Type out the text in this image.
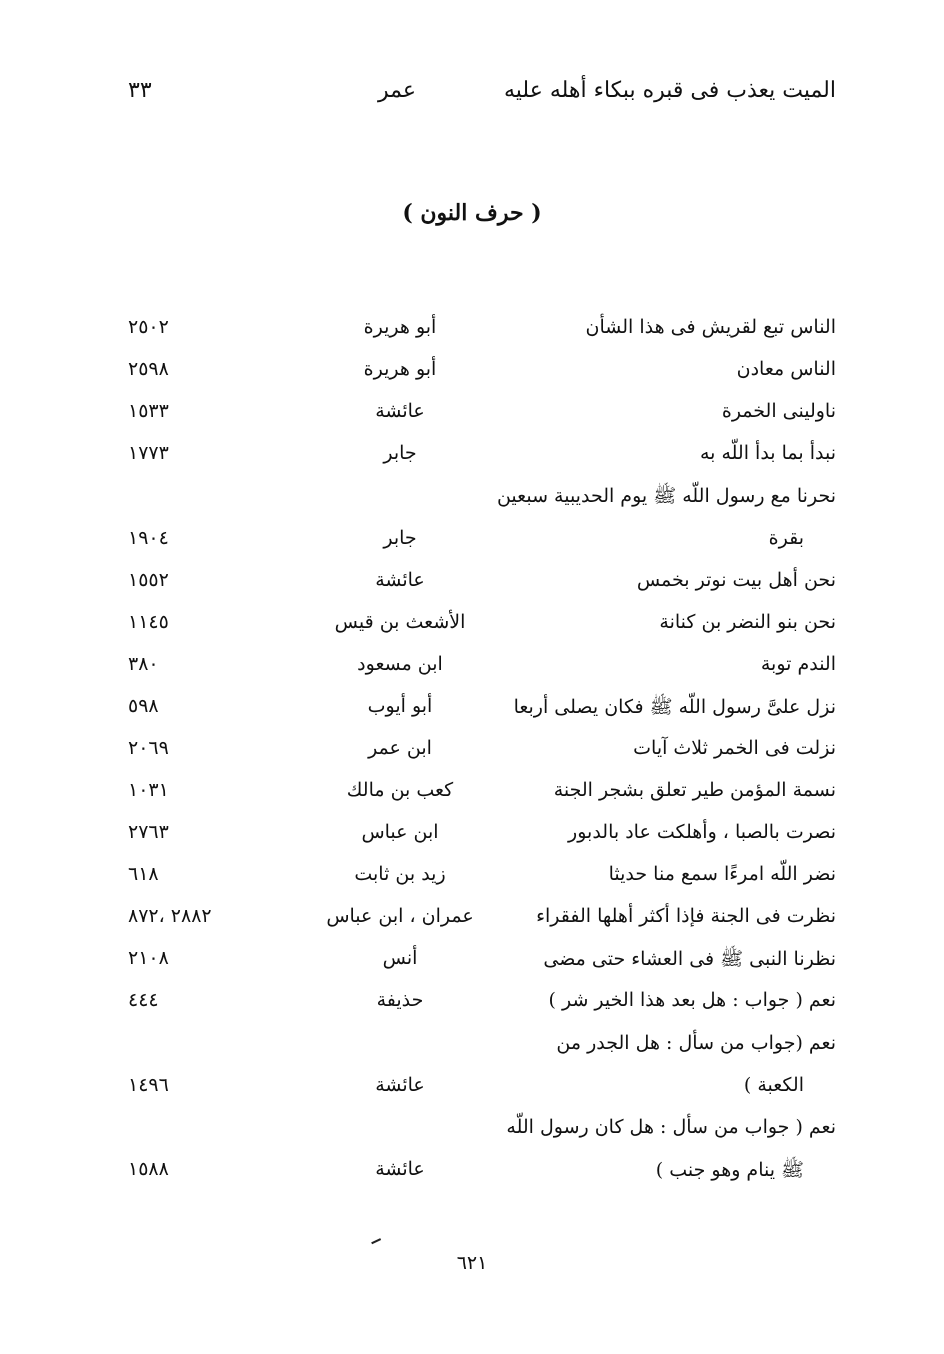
الميت يعذب فى قبره ببكاء أهله عليه
عمر
٣٣
( حرف النون )
الناس تبع لقريش فى هذا الشأن
أبو هريرة
٢٥٠٢
الناس معادن
أبو هريرة
٢٥٩٨
ناولينى الخمرة
عائشة
١٥٣٣
نبدأ بما بدأ اللّه به
جابر
١٧٧٣
نحرنا مع رسول اللّه ﷺ يوم الحديبية سبعين
بقرة
جابر
١٩٠٤
نحن أهل بيت نوتر بخمس
عائشة
١٥٥٢
نحن بنو النضر بن كنانة
الأشعث بن قيس
١١٤٥
الندم توبة
ابن مسعود
٣٨٠
نزل علىَّ رسول اللّه ﷺ فكان يصلى أربعا
أبو أيوب
٥٩٨
نزلت فى الخمر ثلاث آيات
ابن عمر
٢٠٦٩
نسمة المؤمن طير تعلق بشجر الجنة
كعب بن مالك
١٠٣١
نصرت بالصبا ، وأهلكت عاد بالدبور
ابن عباس
٢٧٦٣
نضر اللّه امرءًا سمع منا حديثا
زيد بن ثابت
٦١٨
نظرت فى الجنة فإذا أكثر أهلها الفقراء
عمران ، ابن عباس
٢٨٨٢ ،٨٧٢
نظرنا النبى ﷺ فى العشاء حتى مضى
أنس
٢١٠٨
نعم ( جواب : هل بعد هذا الخير شر )
حذيفة
٤٤٤
نعم (جواب من سأل : هل الجدر من
الكعبة )
عائشة
١٤٩٦
نعم ( جواب من سأل : هل كان رسول اللّه
ﷺ ينام وهو جنب )
عائشة
١٥٨٨
٦٢١
